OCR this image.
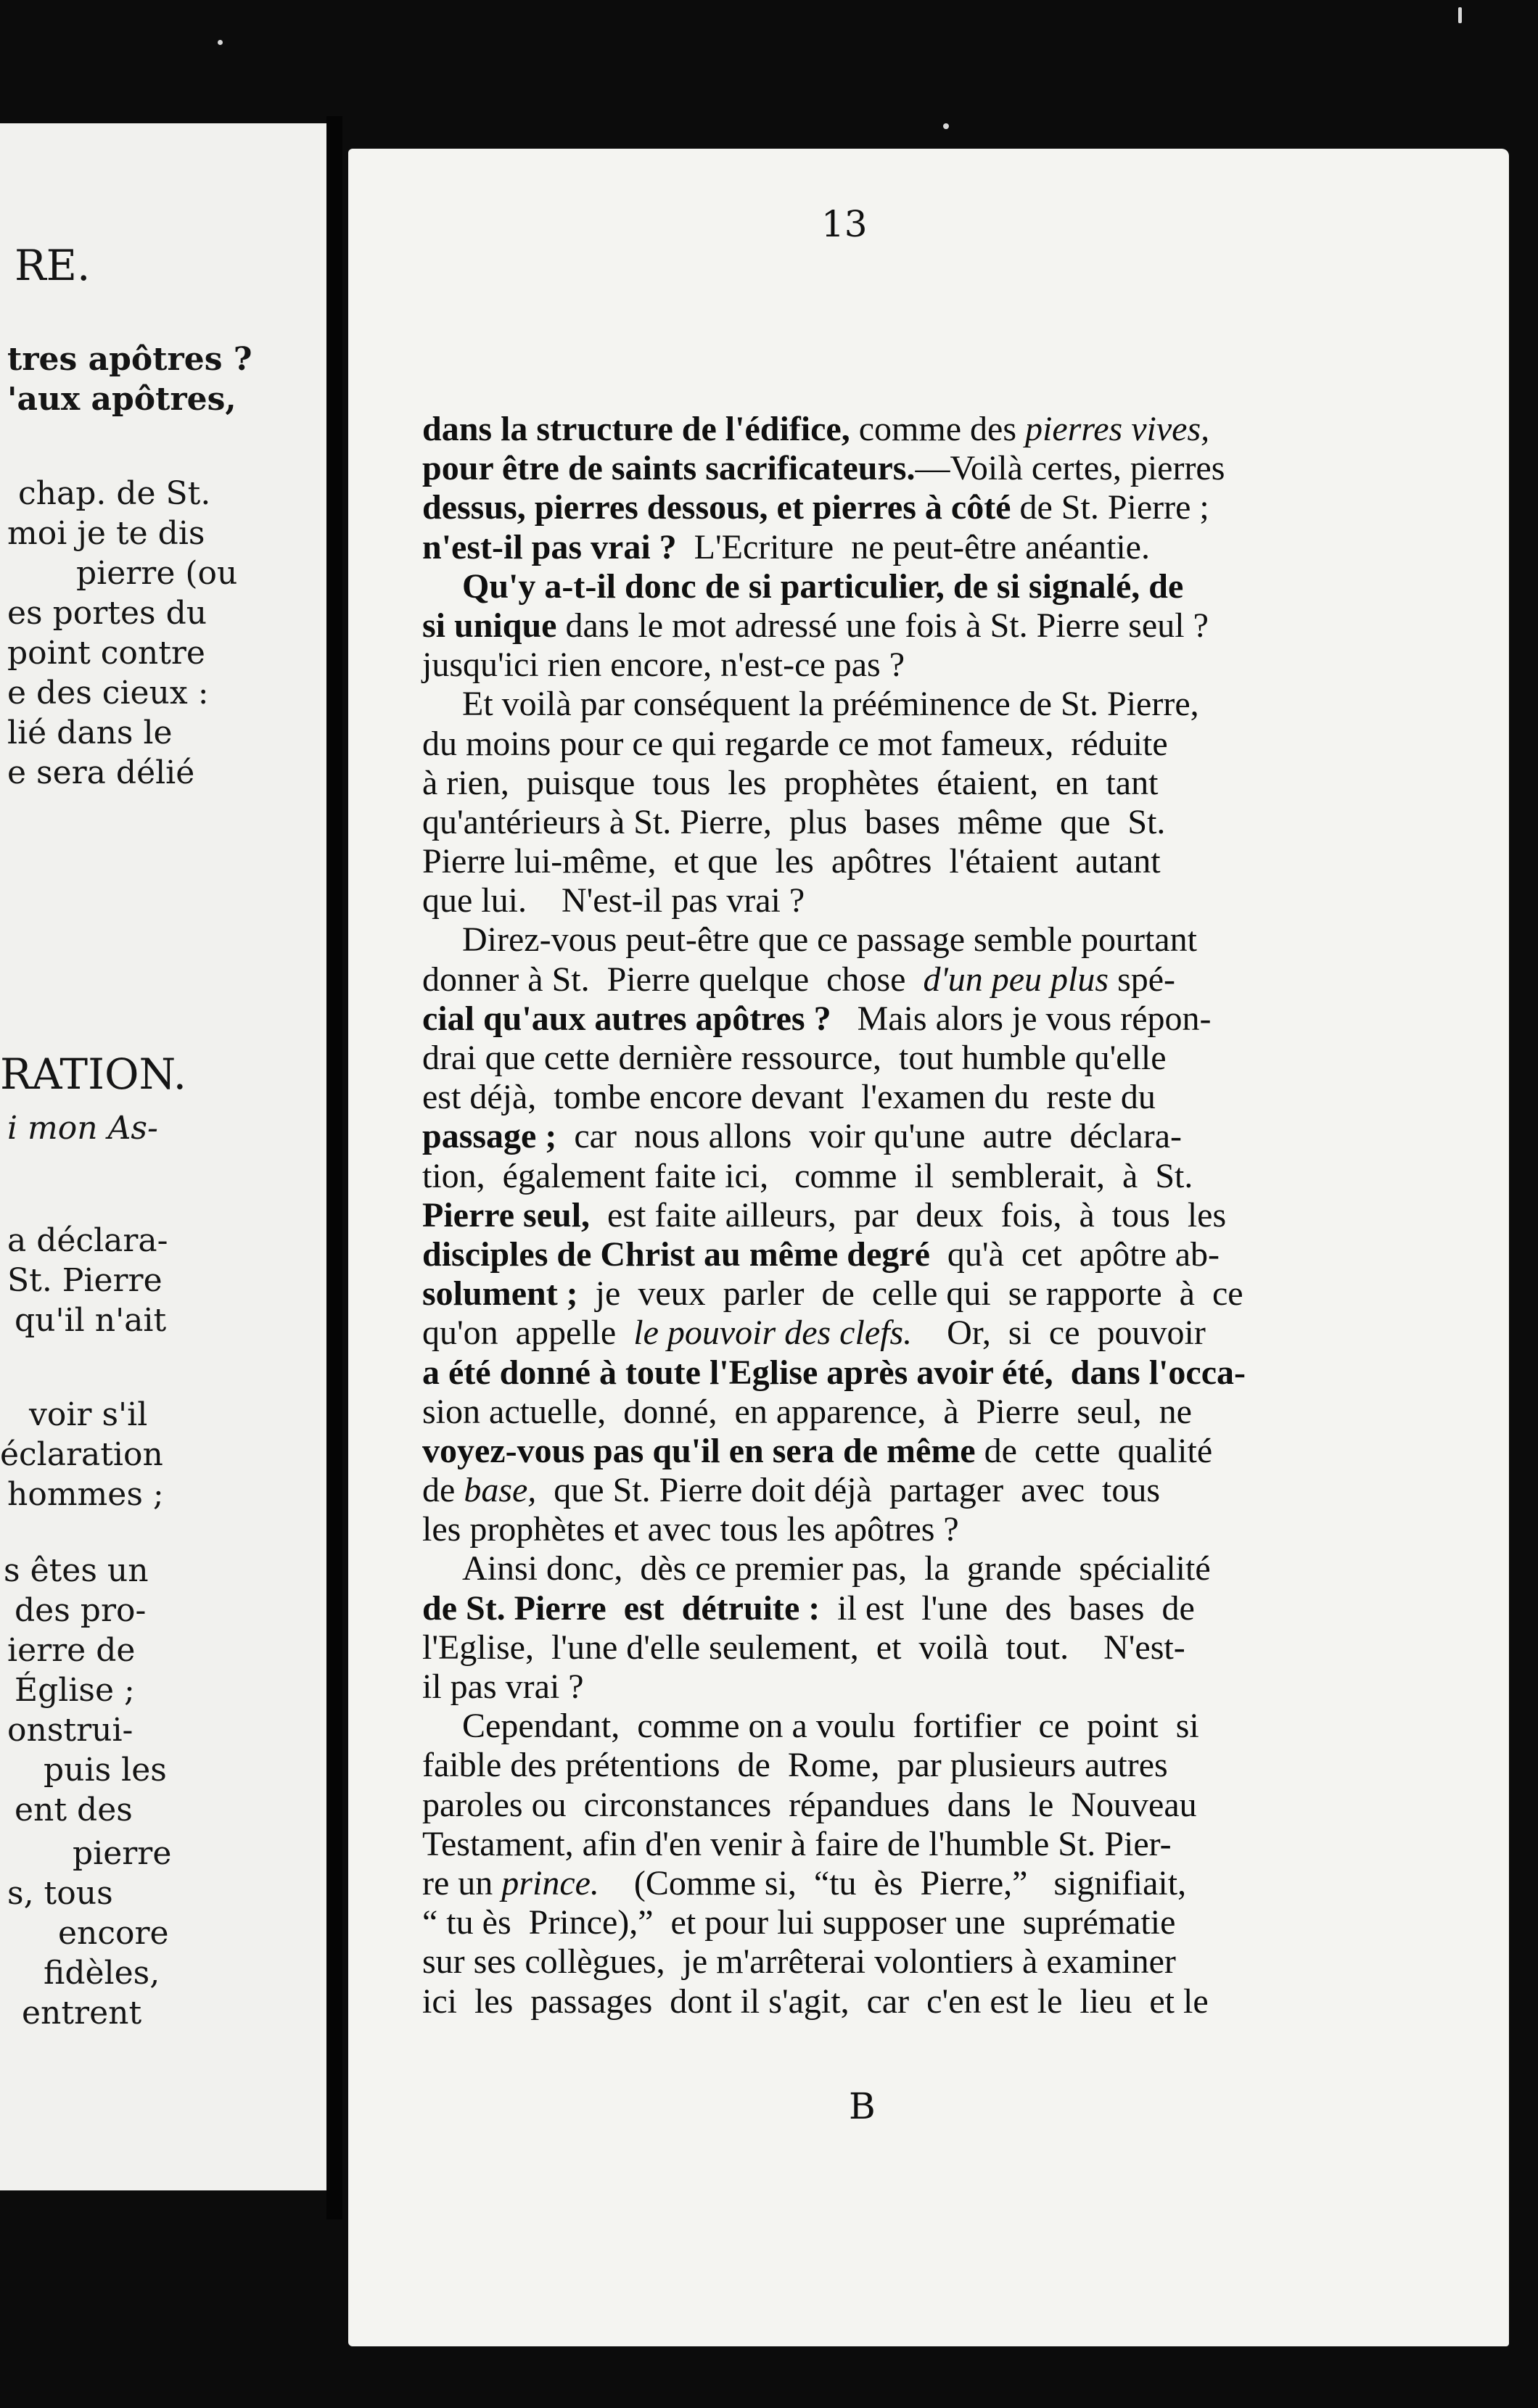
RE.
tres apôtres ?
'aux apôtres,
chap. de St.
moi je te dis
pierre (ou
es portes du
point contre
e des cieux :
lié dans le
e sera délié
RATION.
i mon As-
a déclara-
St. Pierre
qu'il n'ait
voir s'il
éclaration
hommes ;
s êtes un
des pro-
ierre de
Église ;
onstrui-
puis les
ent des
pierre
s, tous
encore
fidèles,
entrent
13
dans la structure de l'édifice, comme des pierres vives,
pour être de saints sacrificateurs.—Voilà certes, pierres
dessus, pierres dessous, et pierres à côté de St. Pierre ;
n'est-il pas vrai ?  L'Ecriture  ne peut-être anéantie.
Qu'y a-t-il donc de si particulier, de si signalé, de
si unique dans le mot adressé une fois à St. Pierre seul ?
jusqu'ici rien encore, n'est-ce pas ?
Et voilà par conséquent la prééminence de St. Pierre,
du moins pour ce qui regarde ce mot fameux,  réduite
à rien,  puisque  tous  les  prophètes  étaient,  en  tant
qu'antérieurs à St. Pierre,  plus  bases  même  que  St.
Pierre lui-même,  et que  les  apôtres  l'étaient  autant
que lui.    N'est-il pas vrai ?
Direz-vous peut-être que ce passage semble pourtant
donner à St.  Pierre quelque  chose  d'un peu plus spé-
cial qu'aux autres apôtres ?   Mais alors je vous répon-
drai que cette dernière ressource,  tout humble qu'elle
est déjà,  tombe encore devant  l'examen du  reste du
passage ;  car  nous allons  voir qu'une  autre  déclara-
tion,  également faite ici,   comme  il  semblerait,  à  St.
Pierre seul,  est faite ailleurs,  par  deux  fois,  à  tous  les
disciples de Christ au même degré  qu'à  cet  apôtre ab-
solument ;  je  veux  parler  de  celle qui  se rapporte  à  ce
qu'on  appelle  le pouvoir des clefs.    Or,  si  ce  pouvoir
a été donné à toute l'Eglise après avoir été,  dans l'occa-
sion actuelle,  donné,  en apparence,  à  Pierre  seul,  ne
voyez-vous pas qu'il en sera de même de  cette  qualité
de base,  que St. Pierre doit déjà  partager  avec  tous
les prophètes et avec tous les apôtres ?
Ainsi donc,  dès ce premier pas,  la  grande  spécialité
de St. Pierre  est  détruite :  il est  l'une  des  bases  de
l'Eglise,  l'une d'elle seulement,  et  voilà  tout.    N'est-
il pas vrai ?
Cependant,  comme on a voulu  fortifier  ce  point  si
faible des prétentions  de  Rome,  par plusieurs autres
paroles ou  circonstances  répandues  dans  le  Nouveau
Testament, afin d'en venir à faire de l'humble St. Pier-
re un prince.    (Comme si,  “tu  ès  Pierre,”   signifiait,
“ tu ès  Prince),”  et pour lui supposer une  suprématie
sur ses collègues,  je m'arrêterai volontiers à examiner
ici  les  passages  dont il s'agit,  car  c'en est le  lieu  et le
B
